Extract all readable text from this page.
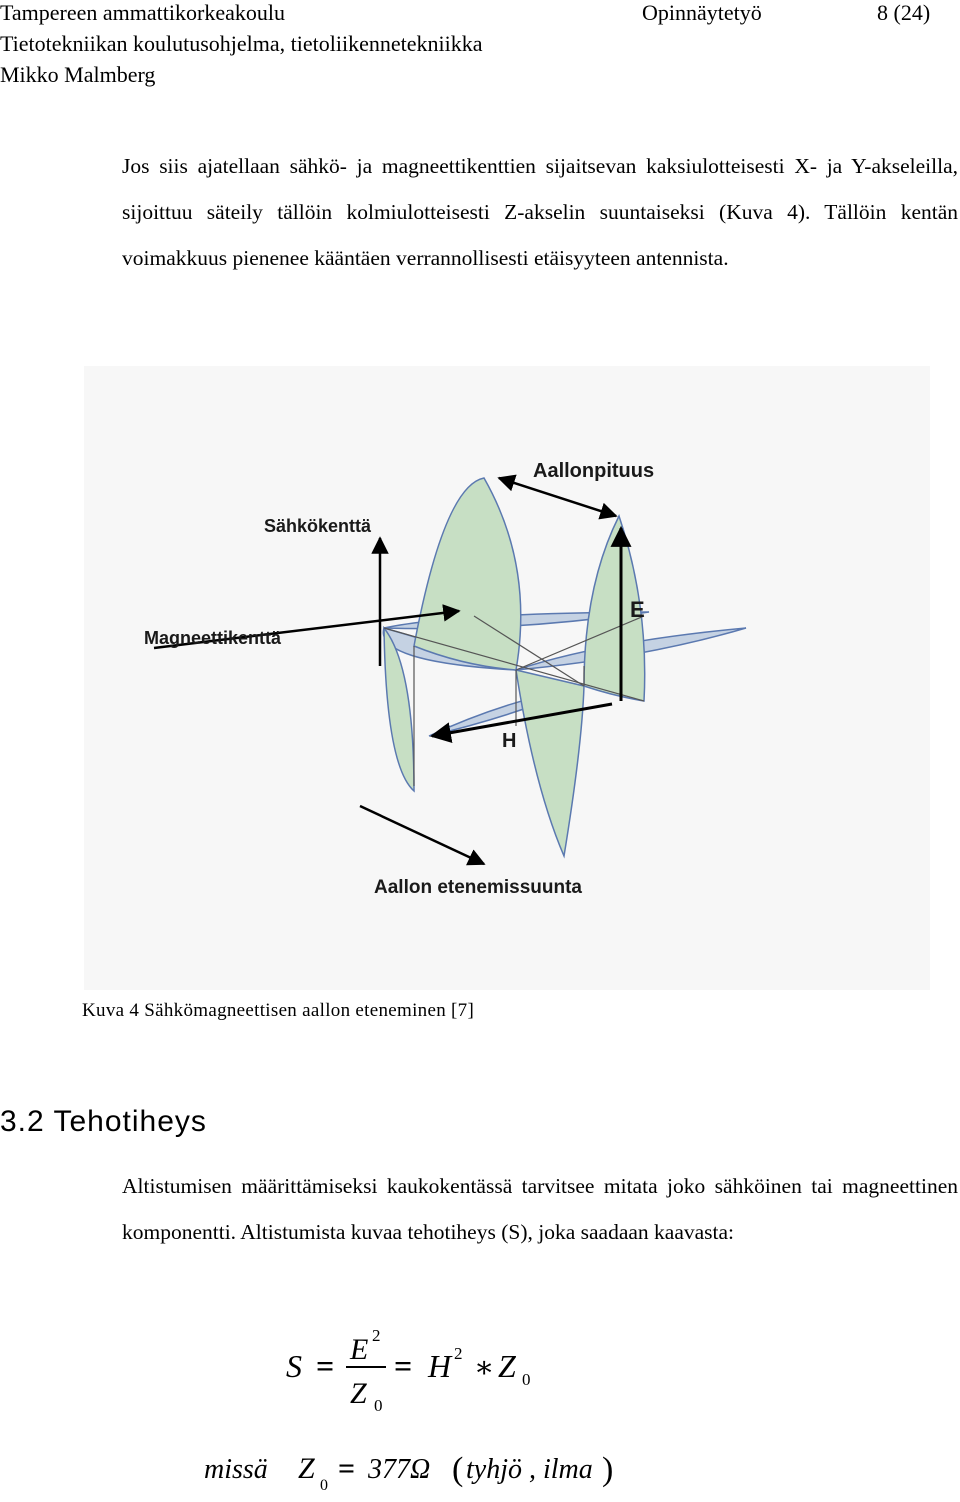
Tampereen ammattikorkeakoulu	Opinnäytetyö	8 (24)
Tietotekniikan koulutusohjelma, tietoliikennetekniikka
Mikko Malmberg
Jos siis ajatellaan sähkö- ja magneettikenttien sijaitsevan kaksiulotteisesti X- ja Y-akseleilla, sijoittuu säteily tällöin kolmiulotteisesti Z-akselin suuntaiseksi (Kuva 4). Tällöin kentän voimakkuus pienenee kääntäen verrannollisesti etäisyyteen antennista.
Aallonpituus
Sähkökenttä
Magneettikenttä
E
H
Aallon etenemissuunta
Kuva 4 Sähkömagneettisen aallon eteneminen [7]
3.2 Tehotiheys
Altistumisen määrittämiseksi kaukokentässä tarvitsee mitata joko sähköinen tai magneettinen komponentti. Altistumista kuvaa tehotiheys (S), joka saadaan kaavasta:
S = E 2
Z 0
= H 2 ∗ Z 0
missä Z
0
= 377Ω ( tyhjö , ilma )
